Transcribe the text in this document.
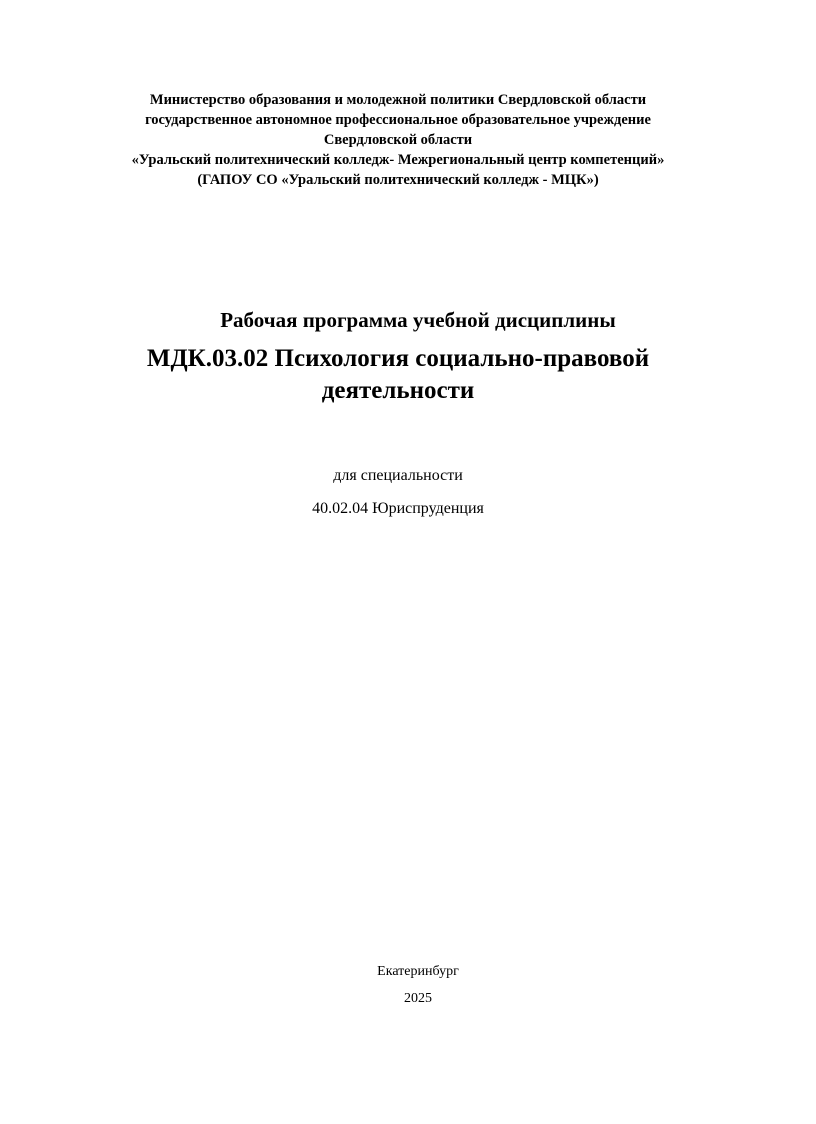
Министерство образования и молодежной политики Свердловской области
государственное автономное профессиональное образовательное учреждение
Свердловской области
«Уральский политехнический колледж- Межрегиональный центр компетенций»
(ГАПОУ СО «Уральский политехнический колледж - МЦК»)
Рабочая программа учебной дисциплины
МДК.03.02 Психология социально-правовой
деятельности
для специальности
40.02.04 Юриспруденция
Екатеринбург
2025
